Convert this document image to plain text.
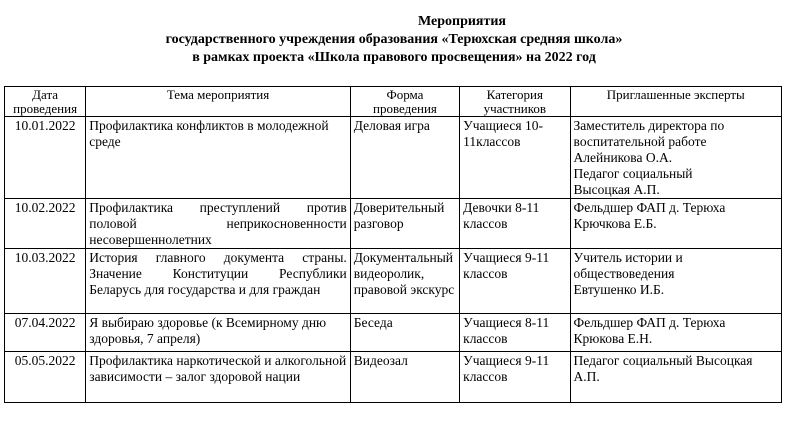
Мероприятия
государственного учреждения образования «Терюхская средняя школа»
в рамках проекта «Школа правового просвещения» на 2022 год
Дата проведения	Тема мероприятия	Форма проведения	Категория участников	Приглашенные эксперты
10.01.2022	Профилактика конфликтов в молодежной среде	Деловая игра	Учащиеся 10-11классов	Заместитель директора по воспитательной работе
Алейникова О.А.
Педагог социальный
Высоцкая А.П.

10.02.2022	Профилактика преступлений против половой неприкосновенности несовершеннолетних	Доверительный разговор	Девочки 8-11 классов	Фельдшер ФАП д. Терюха
Крючкова Е.Б.

10.03.2022	История главного документа страны. Значение Конституции Республики Беларусь для государства и для граждан	Документальный видеоролик, правовой экскурс	Учащиеся 9-11 классов	Учитель истории и обществоведения
Евтушенко И.Б.

07.04.2022	Я выбираю здоровье (к Всемирному дню здоровья, 7 апреля)	Беседа	Учащиеся 8-11 классов	Фельдшер ФАП д. Терюха
Крюкова Е.Н.

05.05.2022	Профилактика наркотической и алкогольной зависимости – залог здоровой нации	Видеозал	Учащиеся 9-11 классов	Педагог социальный Высоцкая А.П.
